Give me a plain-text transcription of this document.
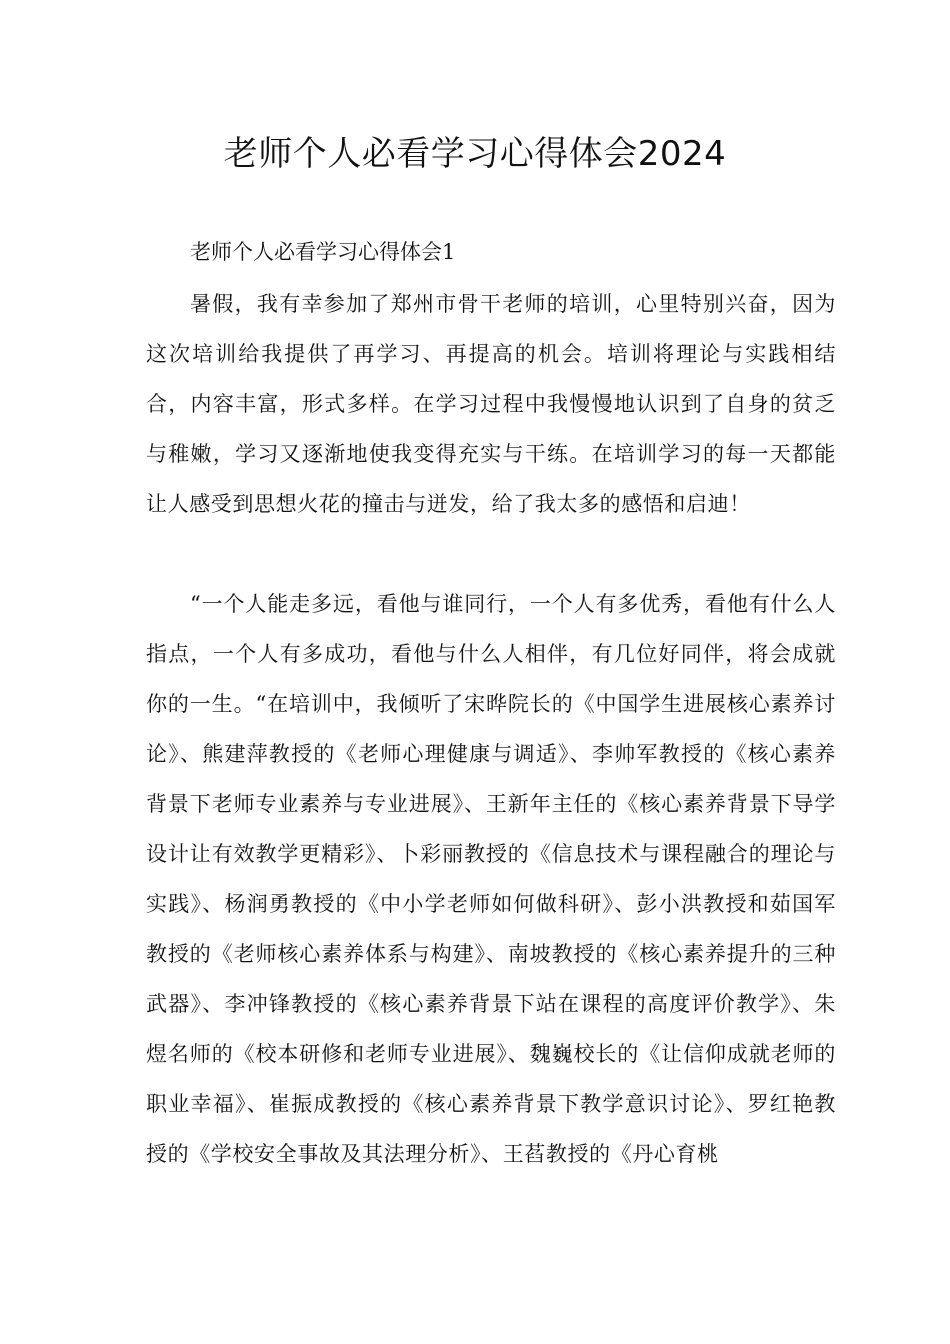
老师个人必看学习心得体会2024

老师个人必看学习心得体会1

暑假，我有幸参加了郑州市骨干老师的培训，心里特别兴奋，因为这次培训给我提供了再学习、再提高的机会。培训将理论与实践相结合，内容丰富，形式多样。在学习过程中我慢慢地认识到了自身的贫乏与稚嫩，学习又逐渐地使我变得充实与干练。在培训学习的每一天都能让人感受到思想火花的撞击与迸发，给了我太多的感悟和启迪！

“一个人能走多远，看他与谁同行，一个人有多优秀，看他有什么人指点，一个人有多成功，看他与什么人相伴，有几位好同伴，将会成就你的一生。“在培训中，我倾听了宋晔院长的《中国学生进展核心素养讨论》、熊建萍教授的《老师心理健康与调适》、李帅军教授的《核心素养背景下老师专业素养与专业进展》、王新年主任的《核心素养背景下导学设计让有效教学更精彩》、卜彩丽教授的《信息技术与课程融合的理论与实践》、杨润勇教授的《中小学老师如何做科研》、彭小洪教授和茹国军教授的《老师核心素养体系与构建》、南坡教授的《核心素养提升的三种武器》、李冲锋教授的《核心素养背景下站在课程的高度评价教学》、朱煜名师的《校本研修和老师专业进展》、魏巍校长的《让信仰成就老师的职业幸福》、崔振成教授的《核心素养背景下教学意识讨论》、罗红艳教授的《学校安全事故及其法理分析》、王萏教授的《丹心育桃
